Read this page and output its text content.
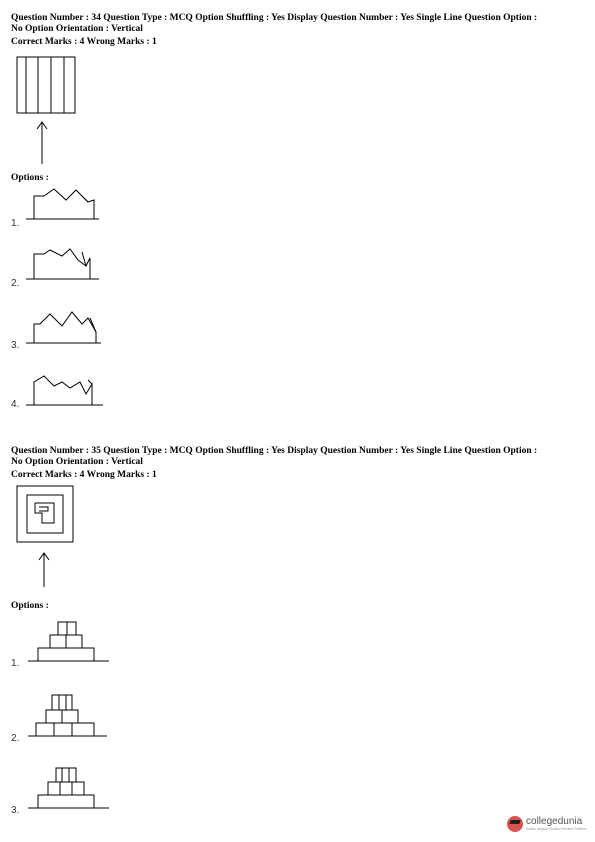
Question Number : 34 Question Type : MCQ Option Shuffling : Yes Display Question Number : Yes Single Line Question Option :
No Option Orientation : Vertical
Correct Marks : 4 Wrong Marks : 1
Options :
1.
2.
3.
4.
Question Number : 35 Question Type : MCQ Option Shuffling : Yes Display Question Number : Yes Single Line Question Option :
No Option Orientation : Vertical
Correct Marks : 4 Wrong Marks : 1
Options :
1.
2.
3.
collegedunia
India's largest Student Review Platform
